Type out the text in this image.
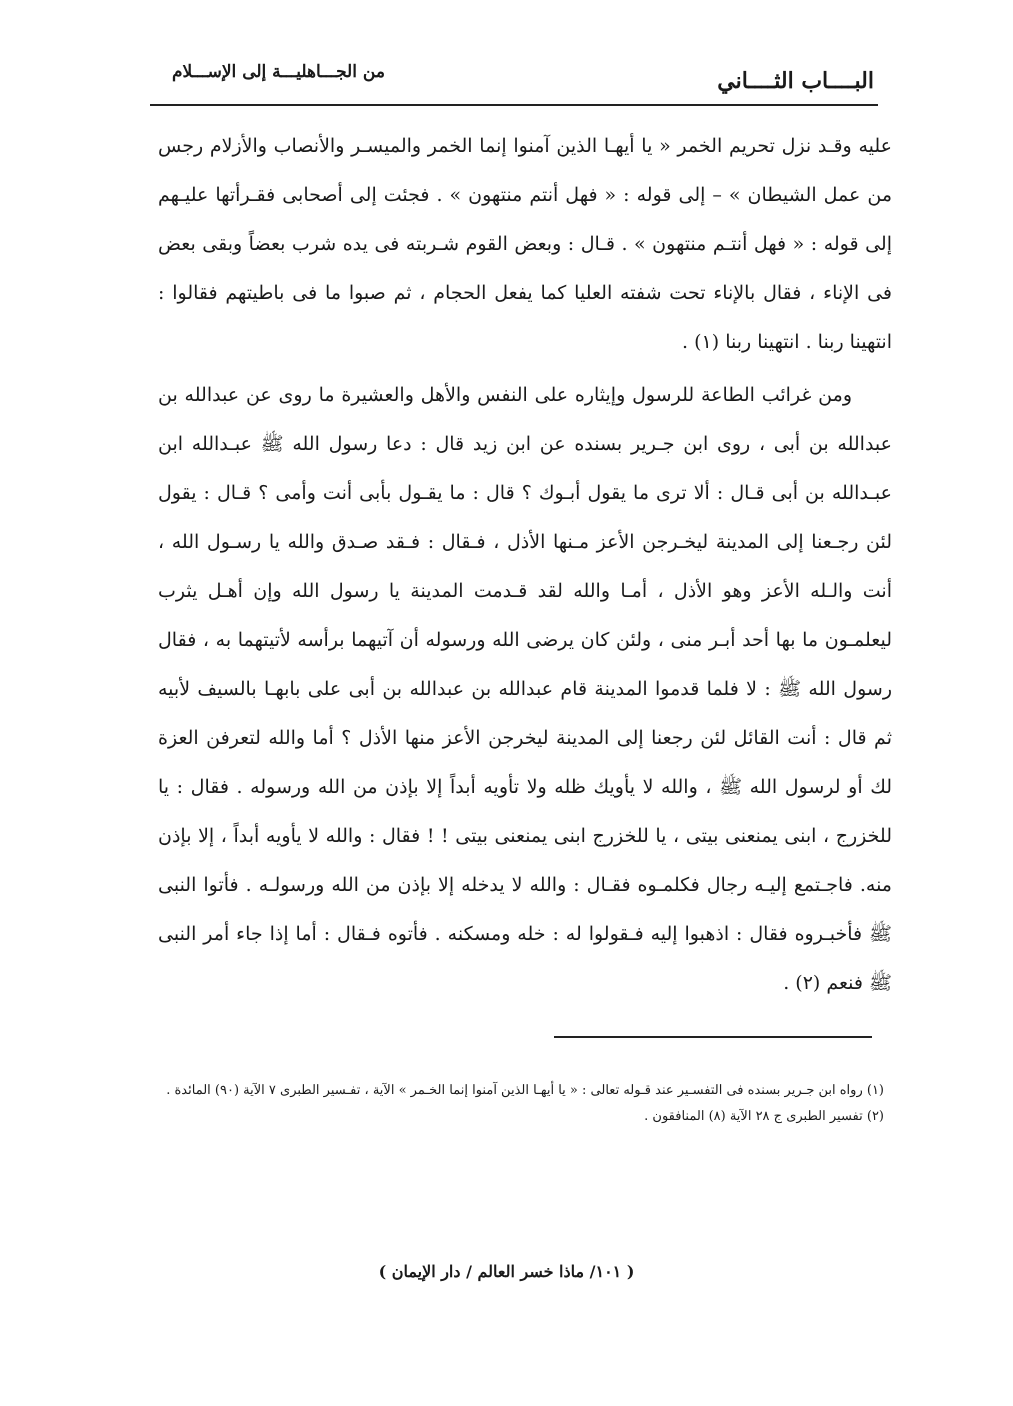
البــــاب الثــــاني
من الجـــاهليـــة إلى الإســـلام

عليه وقـد نزل تحريم الخمر « يا أيهـا الذين آمنوا إنما الخمر والميسـر والأنصاب والأزلام رجس من عمل الشيطان » – إلى قوله : « فهل أنتم منتهون » . فجئت إلى أصحابى فقـرأتها عليـهم إلى قوله : « فهل أنتـم منتهون » . قـال : وبعض القوم شـربته فى يده شرب بعضاً وبقى بعض فى الإناء ، فقال بالإناء تحت شفته العليا كما يفعل الحجام ، ثم صبوا ما فى باطيتهم فقالوا : انتهينا ربنا . انتهينا ربنا (١) .

ومن غرائب الطاعة للرسول وإيثاره على النفس والأهل والعشيرة ما روى عن عبدالله بن عبدالله بن أبى ، روى ابن جـرير بسنده عن ابن زيد قال : دعا رسول الله ﷺ عبـدالله ابن عبـدالله بن أبى قـال : ألا ترى ما يقول أبـوك ؟ قال : ما يقـول بأبى أنت وأمى ؟ قـال : يقول لئن رجـعنا إلى المدينة ليخـرجن الأعز مـنها الأذل ، فـقال : فـقد صـدق والله يا رسـول الله ، أنت والـله الأعز وهو الأذل ، أمـا والله لقد قـدمت المدينة يا رسول الله وإن أهـل يثرب ليعلمـون ما بها أحد أبـر منى ، ولئن كان يرضى الله ورسوله أن آتيهما برأسه لأتيتهما به ، فقال رسول الله ﷺ : لا فلما قدموا المدينة قام عبدالله بن عبدالله بن أبى على بابهـا بالسيف لأبيه ثم قال : أنت القائل لئن رجعنا إلى المدينة ليخرجن الأعز منها الأذل ؟ أما والله لتعرفن العزة لك أو لرسول الله ﷺ ، والله لا يأويك ظله ولا تأويه أبداً إلا بإذن من الله ورسوله . فقال : يا للخزرج ، ابنى يمنعنى بيتى ، يا للخزرج ابنى يمنعنى بيتى ! ! فقال : والله لا يأويه أبداً ، إلا بإذن منه. فاجـتمع إليـه رجال فكلمـوه فقـال : والله لا يدخله إلا بإذن من الله ورسولـه . فأتوا النبى ﷺ فأخبـروه فقال : اذهبوا إليه فـقولوا له : خله ومسكنه . فأتوه فـقال : أما إذا جاء أمر النبى ﷺ فنعم (٢) .

(١) رواه ابن جـرير بسنده فى التفسـير عند قـوله تعالى : « يا أيهـا الذين آمنوا إنما الخـمر » الآية ، تفـسير الطبرى ٧ الآية (٩٠) المائدة .

(٢) تفسير الطبرى ج ٢٨ الآية (٨) المنافقون .

( ١٠١/ ماذا خسر العالم / دار الإيمان )
